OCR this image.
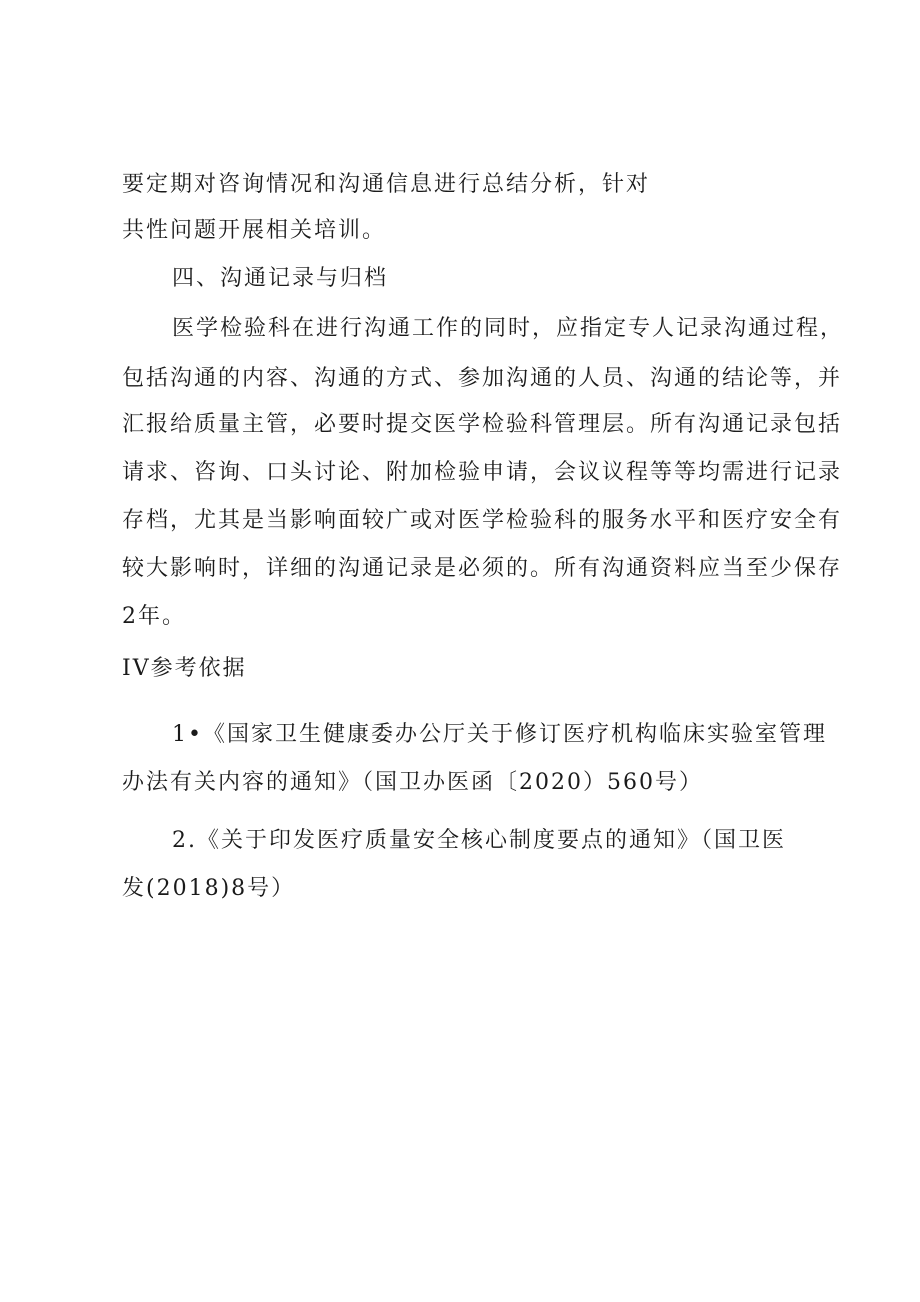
要定期对咨询情况和沟通信息进行总结分析，针对
共性问题开展相关培训。
四、沟通记录与归档
医学检验科在进行沟通工作的同时，应指定专人记录沟通过程，
包括沟通的内容、沟通的方式、参加沟通的人员、沟通的结论等，并
汇报给质量主管，必要时提交医学检验科管理层。所有沟通记录包括
请求、咨询、口头讨论、附加检验申请，会议议程等等均需进行记录
存档，尤其是当影响面较广或对医学检验科的服务水平和医疗安全有
较大影响时，详细的沟通记录是必须的。所有沟通资料应当至少保存
2年。
IV参考依据
1•《国家卫生健康委办公厅关于修订医疗机构临床实验室管理
办法有关内容的通知》（国卫办医函〔2020）560号）
2.《关于印发医疗质量安全核心制度要点的通知》（国卫医
发(2018)8号）
